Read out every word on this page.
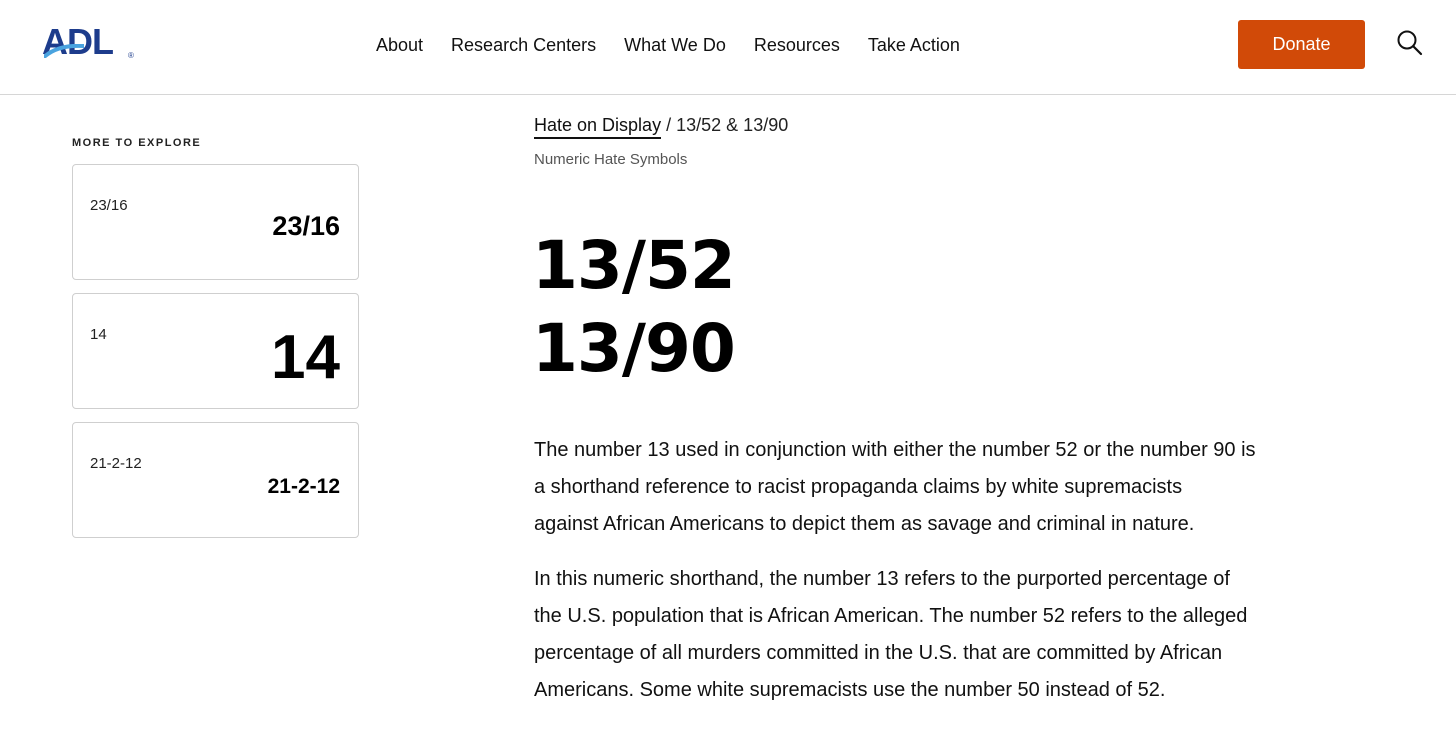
ADL ®
About Research Centers What We Do Resources Take Action	Donate
MORE TO EXPLORE
23/16
23/16
14	14
21-2-12
21-2-12
Hate on Display / 13/52 & 13/90
Numeric Hate Symbols
13/52
13/90

The number 13 used in conjunction with either the number 52 or the number 90 is
a shorthand reference to racist propaganda claims by white supremacists
against African Americans to depict them as savage and criminal in nature.

In this numeric shorthand, the number 13 refers to the purported percentage of
the U.S. population that is African American. The number 52 refers to the alleged
percentage of all murders committed in the U.S. that are committed by African
Americans. Some white supremacists use the number 50 instead of 52.
